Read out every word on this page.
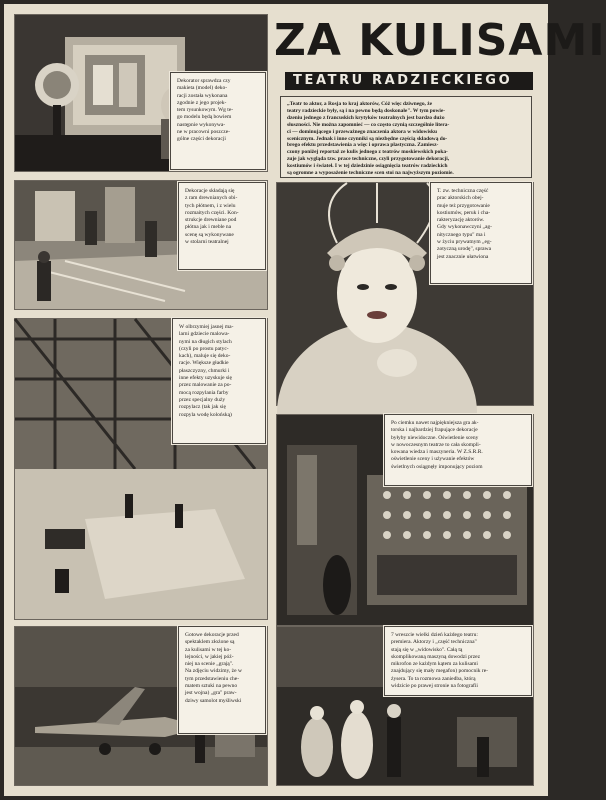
ZA KULISAMI
TEATRU RADZIECKIEGO
„Teatr to aktor, a Rosja to kraj aktorów, Cóż więc dziwnego, że
teatry radzieckie były, są i na pewno będą doskonałe". W tym powie-
dzeniu jednego z francuskich krytyków teatralnych jest bardzo dużo
słuszności. Nie można zapomnieć — co często czynią szczególnie litera-
ci — dominującego i przeważnego znaczenia aktora w widowisku
scenicznym. Jednak i inne czynniki są niezbędne częścią składową do-
brego efektu przedstawienia a więc i oprawa plastyczna. Zamiesz-
czony poniżej reportaż ze kulis jednego z teatrów moskiewskich poka-
zuje jak wygląda tzw. prace techniczne, czyli przygotowanie dekoracji,
kostiumów i świateł. I w tej dziedzinie osiągnięcia teatrów radzieckich
są ogromne a wyposażenie techniczne scen stoi na najwyższym poziomie.
Dekorator sprawdza czy
makieta (model) deko-
racji została wykonana
zgodnie z jego projek-
tem rysunkowym. Wg te-
go modelu będą bowiem
następnie wykonywa-
ne w pracowni poszcze-
gólne części dekoracji
Dekoracje składają się
z ram drewnianych obi-
tych płótnem, i z wielu
rozmaitych części. Kon-
strukcje drewniane pod
płótna jak i meble na
scenę są wykonywane
w stolarni teatralnej
W olbrzymiej jasnej ma-
larni gdziecie malowa-
nymi na długich stylach
(czyli po prostu patyc-
kach), maluje się deko-
racje. Większe gładkie
płaszczyzny, chmurki i
inne efekty uzyskuje się
przez malowanie za po-
mocą rozpylania farby
przez specjalny duży
rozpylacz (tak jak się
rozpyla wodę kolońską)
T. zw. techniczna część
prac aktorskich obej-
muje też przygotowanie
kostiumów, peruk i cha-
rakteryzację aktorów.
Gdy wykonawczyni „ag-
nitycznego typu" ma i
w życiu prywatnym „eg-
zotyczną urodę", sprawa
jest znacznie ułatwiona
Po ciemku nawet najpiękniejsza gra ak-
torska i najbardziej frapujące dekoracje
byłyby niewidoczne. Oświetlenie sceny
w nowoczesnym teatrze to cała skompli-
kowana wiedza i maszyneria. W Z.S.R.R.
oświetlenie sceny i używanie efektów
świetlnych osiągnęły imponujący poziom
Gotowe dekoracje przed
spektaklem złożone są
za kulisami w tej ko-
lejności, w jakiej póź-
niej na scenie „grają".
Na zdjęciu widzimy, że w
tym przedstawieniu che-
matem sztuki na pewno
jest wojna) „gra" praw-
dziwy samolot myśliwski
7 wreszcie wielki dzień każdego teatru:
premiera. Aktorzy i „część techniczna"
stają się w „widowisko". Całą tą
skomplikowaną maszyną dowodzi przez
mikrofon ze każdym kątem za kulisami
znajdujący się mały megafon) pomocnik re-
żysera. To ta rozmowa zaniedba, którą
widzicie po prawej stronie na fotografii
